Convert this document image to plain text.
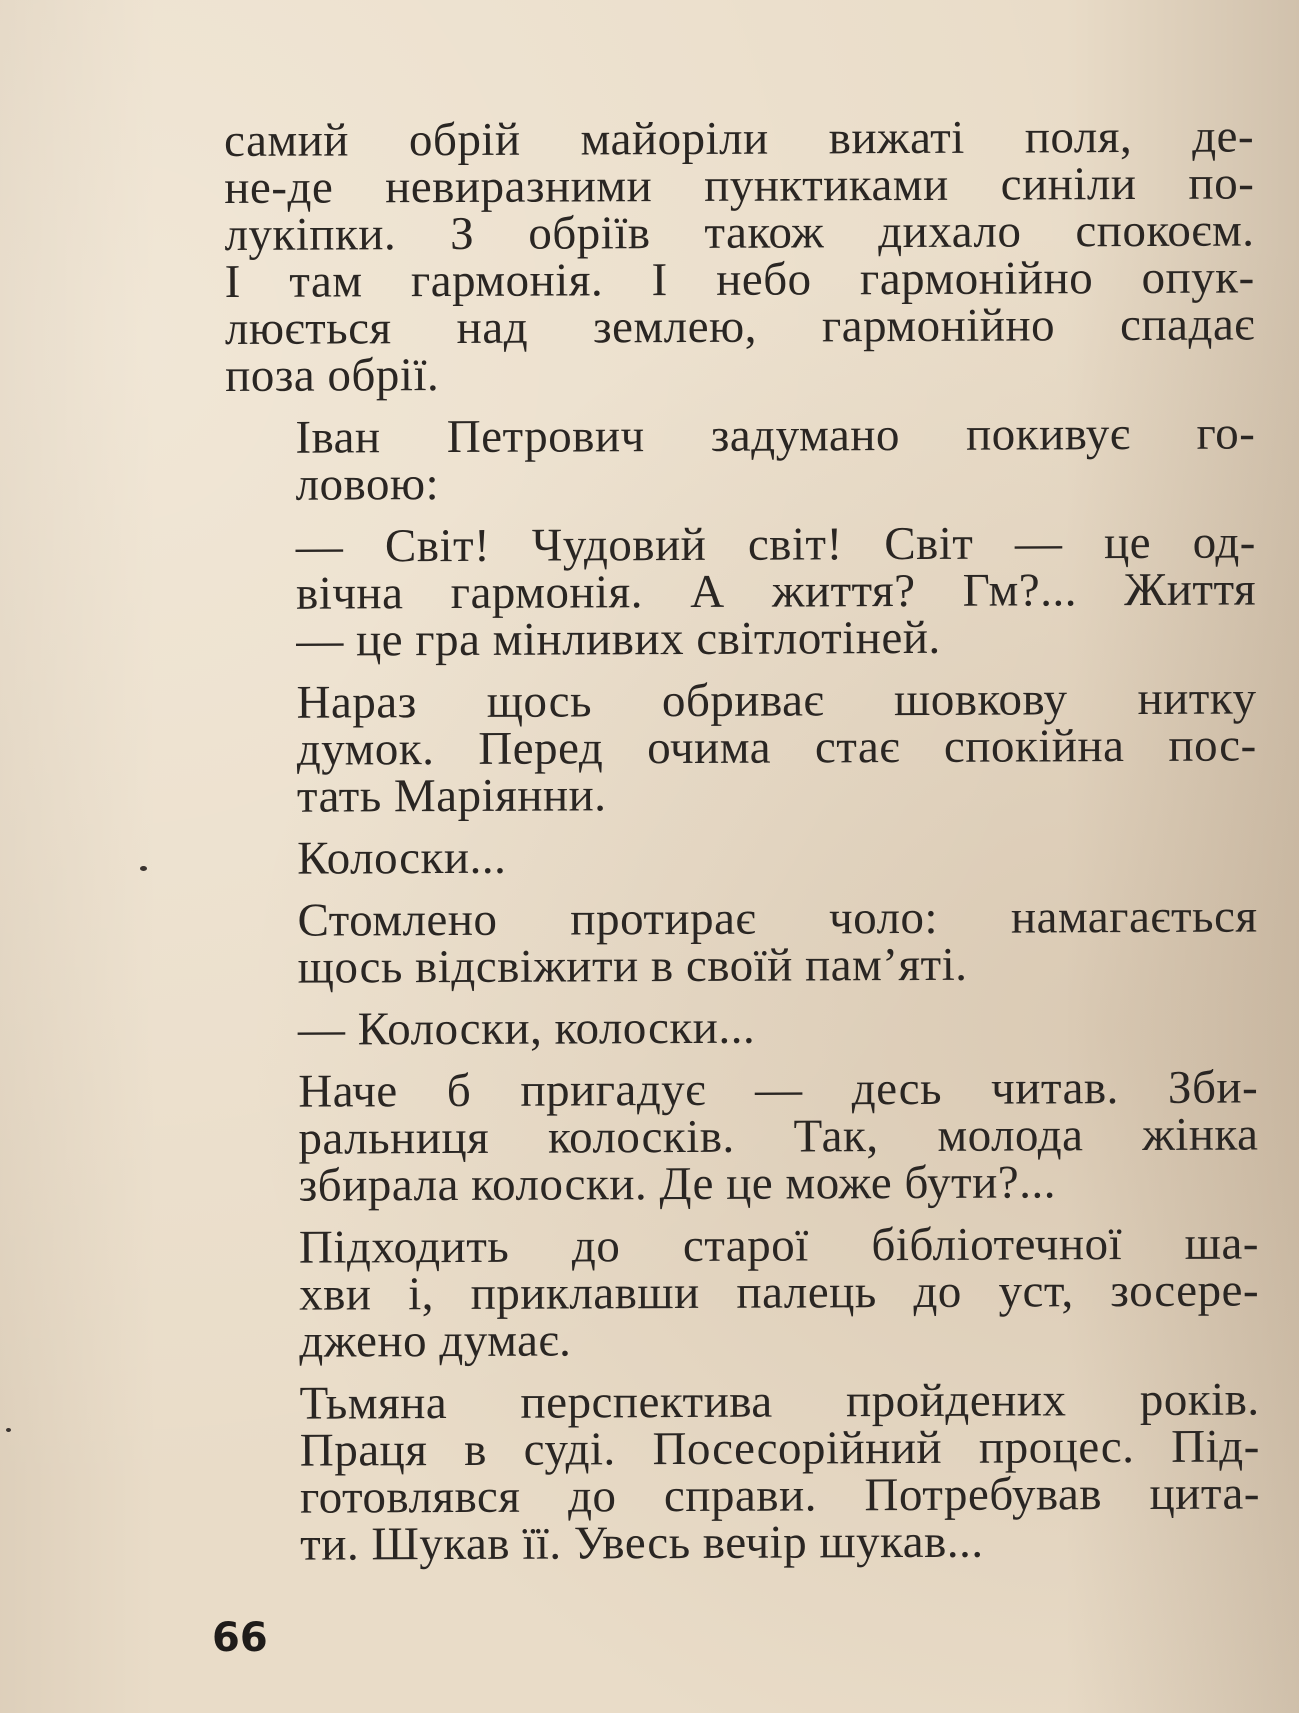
самий обрій майоріли вижаті поля, де-
не-де невиразними пунктиками синіли по-
лукіпки. З обріїв також дихало спокоєм.
І там гармонія. І небо гармонійно опук-
люється над землею, гармонійно спадає
поза обрії.
Іван Петрович задумано покивує го-
ловою:
— Світ! Чудовий світ! Світ — це од-
вічна гармонія. А життя? Гм?... Життя
— це гра мінливих світлотіней.
Нараз щось обриває шовкову нитку
думок. Перед очима стає спокійна пос-
тать Маріянни.
Колоски...
Стомлено протирає чоло: намагається
щось відсвіжити в своїй пам’яті.
— Колоски, колоски...
Наче б пригадує — десь читав. Зби-
ральниця колосків. Так, молода жінка
збирала колоски. Де це може бути?...
Підходить до старої бібліотечної ша-
хви і, приклавши палець до уст, зосере-
джено думає.
Тьмяна перспектива пройдених років.
Праця в суді. Посесорійний процес. Під-
готовлявся до справи. Потребував цита-
ти. Шукав її. Увесь вечір шукав...
66
